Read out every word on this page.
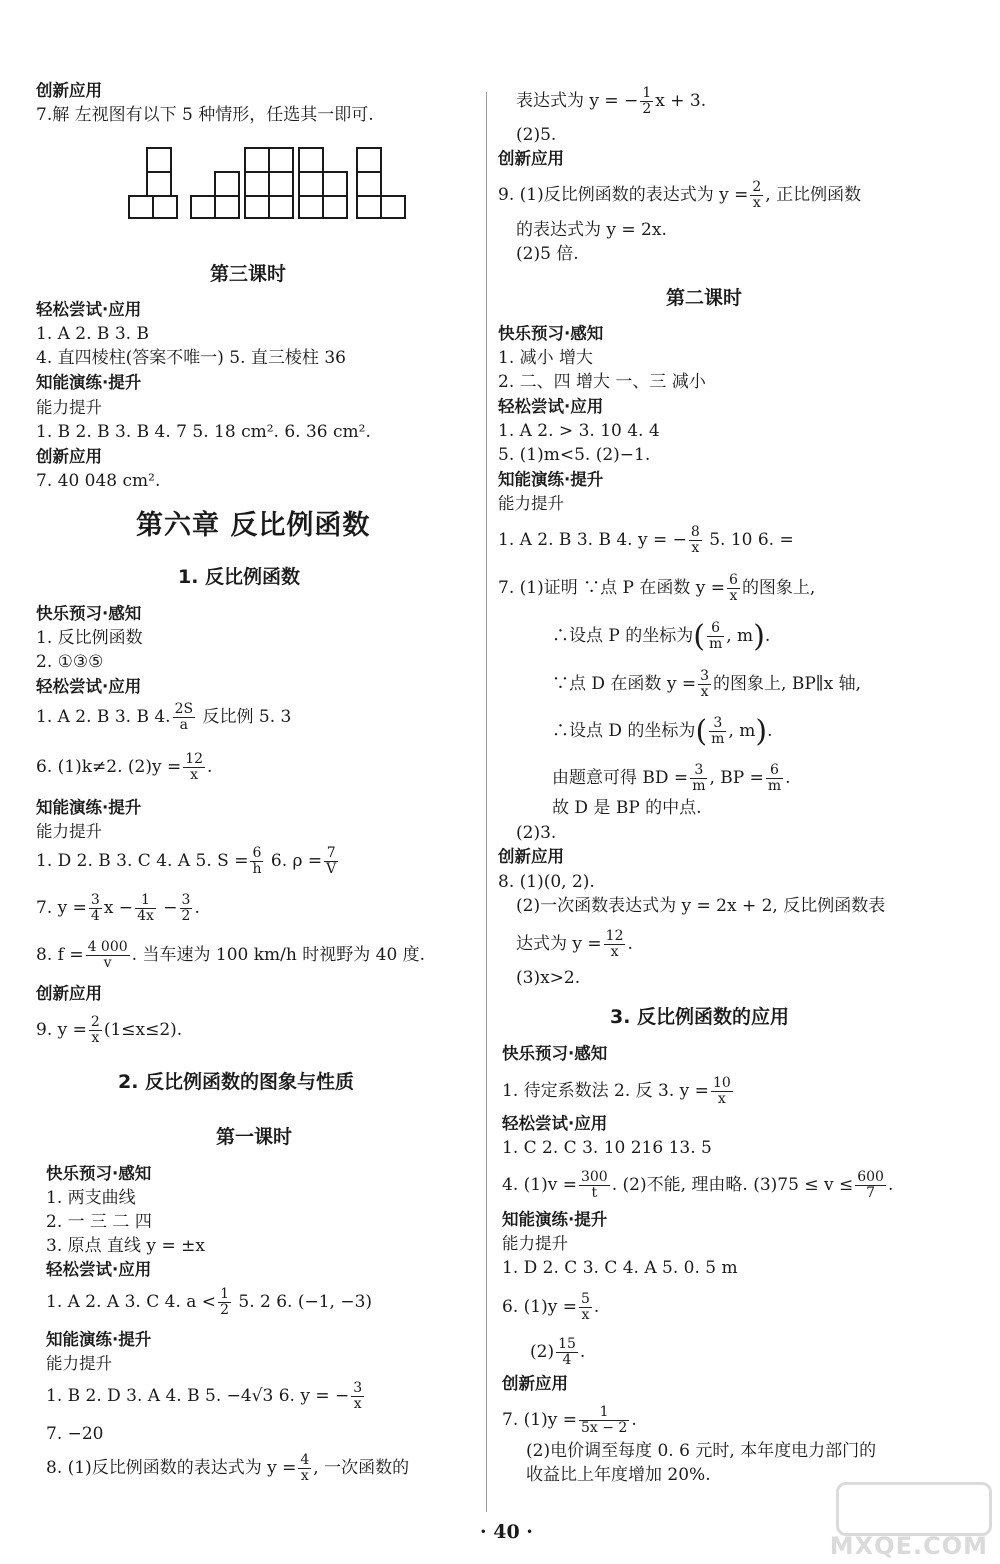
创新应用
7.解 左视图有以下 5 种情形，任选其一即可.
第三课时
轻松尝试·应用
1. A 2. B 3. B
4. 直四棱柱(答案不唯一) 5. 直三棱柱 36
知能演练·提升
能力提升
1. B 2. B 3. B 4. 7 5. 18 cm². 6. 36 cm².
创新应用
7. 40 048 cm².
第六章 反比例函数
1. 反比例函数
快乐预习·感知
1. 反比例函数
2. ①③⑤
轻松尝试·应用
1. A 2. B 3. B 4. $\frac{2S}{a}$ 反比例 5. 3
6. (1)k≠2. $(2)y = \frac{12}{x}$ .
知能演练·提升
能力提升
1. D 2. B 3. C 4. A 5. $S = \frac{6}{h} 6$. $\rho = \frac{7}{V}$
7. $y = \frac{3}{4}$ $x - \frac{1}{4x} - \frac{3}{2}$ .
8. $f = \frac{4 000}{v}$ . 当车速为 100 km/h 时视野为 40 度.
创新应用
9. $y = \frac{2}{x} (1\le x\le 2)$.
2. 反比例函数的图象与性质
第一课时
快乐预习·感知
1. 两支曲线
2. 一 三 二 四
3. 原点 直线 y = ±x
轻松尝试·应用
1. A 2. A 3. C 4. $a < \frac{1}{2} 5$. 2 6. (−1, −3)
知能演练·提升
能力提升
1. B 2. D 3. A 4. B 5. −4√3 6. y = − $\frac{3}{x}$
7. −20
8. (1)反比例函数的表达式为 $y = \frac{4}{x}$ , 一次函数的
表达式为 y = − $\frac{1}{2}$ x + 3.
(2)5.
创新应用
9. (1)反比例函数的表达式为 $y = \frac{2}{x}$ , 正比例函数
的表达式为 y = 2x.
(2)5 倍.
第二课时
快乐预习·感知
1. 减小 增大
2. 二、四 增大 一、三 减小
轻松尝试·应用
1. A 2. > 3. 10 4. 4
5. (1)m<5. (2)−1.
知能演练·提升
能力提升
1. A 2. B 3. B 4. y = − $\frac{8}{x} 5$. 10 6. =
7. (1)证明 ∵点 P 在函数 $y = \frac{6}{x}$ 的图象上,
∴设点 P 的坐标为( $\frac{6}{m}$ , m).
∵点 D 在函数 $y = \frac{3}{x}$ 的图象上, BP∥x 轴,
∴设点 D 的坐标为( $\frac{3}{m}$ , m).
由题意可得 BD = $\frac{3}{m}$ , BP = $\frac{6}{m}$ .
故 D 是 BP 的中点.
(2)3.
创新应用
8. (1)(0, 2).
(2)一次函数表达式为 y = 2x + 2, 反比例函数表
达式为 $y = \frac{12}{x}$ .
(3)x>2.
3. 反比例函数的应用
快乐预习·感知
1. 待定系数法 2. 反 3. $y = \frac{10}{x}$
轻松尝试·应用
1. C 2. C 3. 10 216 13. 5
4. $(1)v = \frac{300}{t}$ . (2)不能, 理由略. $(3)75 \le v \le \frac{600}{7}$ .
知能演练·提升
能力提升
1. D 2. C 3. C 4. A 5. 0. 5 m
6. $(1)y = \frac{5}{x}$ .
$(2) \frac{15}{4}$ .
创新应用
7. $(1)y = \frac{1}{5x - 2}$ .
(2)电价调至每度 0. 6 元时, 本年度电力部门的
收益比上年度增加 20%.
· 40 ·	MXQE.COM
